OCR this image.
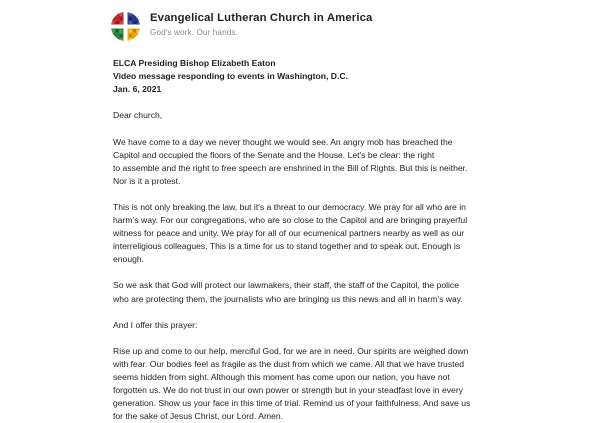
Evangelical Lutheran Church in America
God's work. Our hands.
ELCA Presiding Bishop Elizabeth Eaton
Video message responding to events in Washington, D.C.
Jan. 6, 2021
Dear church,
We have come to a day we never thought we would see. An angry mob has breached the
Capitol and occupied the floors of the Senate and the House. Let's be clear: the right
to assemble and the right to free speech are enshrined in the Bill of Rights. But this is neither.
Nor is it a protest.
This is not only breaking the law, but it's a threat to our democracy. We pray for all who are in
harm’s way. For our congregations, who are so close to the Capitol and are bringing prayerful
witness for peace and unity. We pray for all of our ecumenical partners nearby as well as our
interreligious colleagues. This is a time for us to stand together and to speak out. Enough is
enough.
So we ask that God will protect our lawmakers, their staff, the staff of the Capitol, the police
who are protecting them, the journalists who are bringing us this news and all in harm’s way.
And I offer this prayer:
Rise up and come to our help, merciful God, for we are in need. Our spirits are weighed down
with fear. Our bodies feel as fragile as the dust from which we came. All that we have trusted
seems hidden from sight. Although this moment has come upon our nation, you have not
forgotten us. We do not trust in our own power or strength but in your steadfast love in every
generation. Show us your face in this time of trial. Remind us of your faithfulness. And save us
for the sake of Jesus Christ, our Lord. Amen.
